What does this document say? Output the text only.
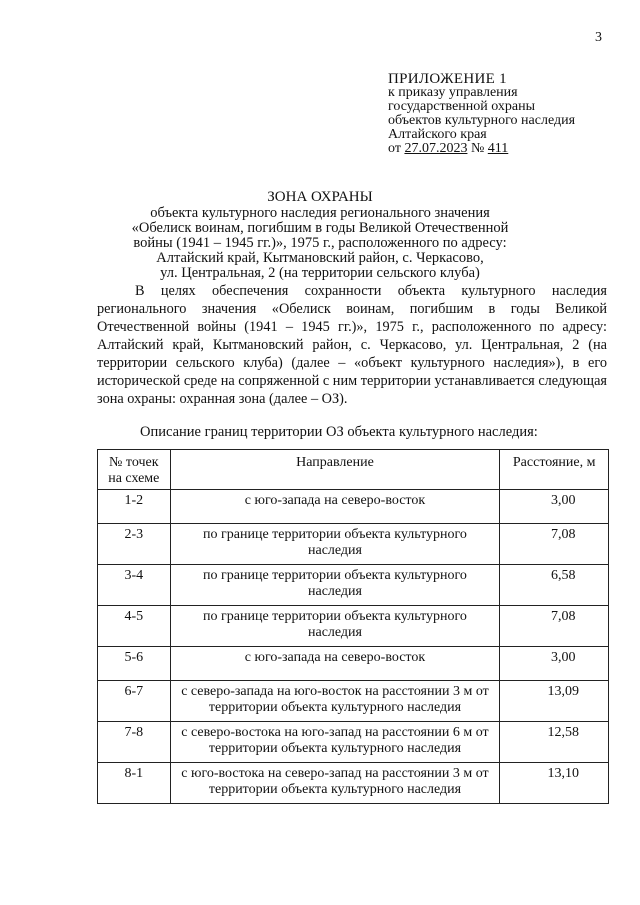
3
ПРИЛОЖЕНИЕ 1
к приказу управления
государственной охраны
объектов культурного наследия
Алтайского края
от 27.07.2023 № 411
ЗОНА ОХРАНЫ
объекта культурного наследия регионального значения
«Обелиск воинам, погибшим в годы Великой Отечественной
войны (1941 – 1945 гг.)», 1975 г., расположенного по адресу:
Алтайский край, Кытмановский район, с. Черкасово,
ул. Центральная, 2 (на территории сельского клуба)

В целях обеспечения сохранности объекта культурного наследия регионального значения «Обелиск воинам, погибшим в годы Великой Отечественной войны (1941 – 1945 гг.)», 1975 г., расположенного по адресу: Алтайский край, Кытмановский район, с. Черкасово, ул. Центральная, 2 (на территории сельского клуба) (далее – «объект культурного наследия»), в его исторической среде на сопряженной с ним территории устанавливается следующая зона охраны: охранная зона (далее – ОЗ).

Описание границ территории ОЗ объекта культурного наследия:
№ точек на схеме	Направление	Расстояние, м
1-2	с юго-запада на северо-восток	3,00
2-3	по границе территории объекта культурного наследия	7,08
3-4	по границе территории объекта культурного наследия	6,58
4-5	по границе территории объекта культурного наследия	7,08
5-6	с юго-запада на северо-восток	3,00
6-7	с северо-запада на юго-восток на расстоянии 3 м от территории объекта культурного наследия	13,09
7-8	с северо-востока на юго-запад на расстоянии 6 м от территории объекта культурного наследия	12,58
8-1	с юго-востока на северо-запад на расстоянии 3 м от территории объекта культурного наследия	13,10
